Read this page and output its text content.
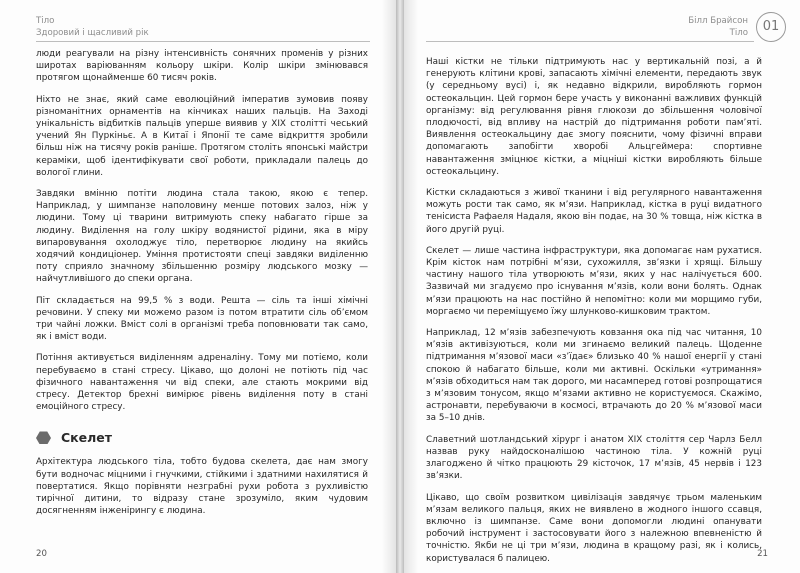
Тіло
Здоровий і щасливий рік

люди реагували на різну інтенсивність сонячних променів у різних широтах варіюванням кольору шкіри. Колір шкіри змінювався протягом щонайменше 60 тисяч років.

Ніхто не знає, який саме еволюційний імператив зумовив появу різноманітних орнаментів на кінчиках наших пальців. На Заході унікальність відбитків пальців уперше виявив у XIX столітті чеський учений Ян Пуркіньє. А в Китаї і Японії те саме відкриття зробили більш ніж на тисячу років раніше. Протягом століть японські майстри кераміки, щоб ідентифікувати свої роботи, прикладали палець до вологої глини.

Завдяки вмінню потіти людина стала такою, якою є тепер. Наприклад, у шимпанзе наполовину менше потових залоз, ніж у людини. Тому ці тварини витримують спеку набагато гірше за людину. Виділення на голу шкіру водянистої рідини, яка в міру випаровування охолоджує тіло, перетворює людину на якийсь ходячий кондиціонер. Уміння протистояти спеці завдяки виділенню поту сприяло значному збільшенню розміру людського мозку — найчутливішого до спеки органа.

Піт складається на 99,5 % з води. Решта — сіль та інші хімічні речовини. У спеку ми можемо разом із потом втратити сіль об’ємом три чайні ложки. Вміст солі в організмі треба поповнювати так само, як і вміст води.

Потіння активується виділенням адреналіну. Тому ми потіємо, коли перебуваємо в стані стресу. Цікаво, що долоні не потіють під час фізичного навантаження чи від спеки, але стають мокрими від стресу. Детектор брехні вимірює рівень виділення поту в стані емоційного стресу.

Скелет

Архітектура людського тіла, тобто будова скелета, дає нам змогу бути водночас міцними і гнучкими, стійкими і здатними нахилятися й повертатися. Якщо порівняти незграбні рухи робота з рухливістю тирічної дитини, то відразу стане зрозуміло, яким чудовим досягненням інженірингу є людина.

20
Білл Брайсон
Тіло	01

Наші кістки не тільки підтримують нас у вертикальній позі, а й генерують клітини крові, запасають хімічні елементи, передають звук (у середньому вусі) і, як недавно відкрили, виробляють гормон остеокальцин. Цей гормон бере участь у виконанні важливих функцій організму: від регулювання рівня глюкози до збільшення чоловічої плодючості, від впливу на настрій до підтримання роботи пам’яті. Виявлення остеокальцину дає змогу пояснити, чому фізичні вправи допомагають запобігти хворобі Альцгеймера: спортивне навантаження зміцнює кістки, а міцніші кістки виробляють більше остеокальцину.

Кістки складаються з живої тканини і від регулярного навантаження можуть рости так само, як м’язи. Наприклад, кістка в руці видатного тенісиста Рафаеля Надаля, якою він подає, на 30 % товща, ніж кістка в його другій руці.

Скелет — лише частина інфраструктури, яка допомагає нам рухатися. Крім кісток нам потрібні м’язи, сухожилля, зв’язки і хрящі. Більшу частину нашого тіла утворюють м’язи, яких у нас налічується 600. Зазвичай ми згадуємо про існування м’язів, коли вони болять. Однак м’язи працюють на нас постійно й непомітно: коли ми морщимо губи, моргаємо чи переміщуємо їжу шлунково-кишковим трактом.

Наприклад, 12 м’язів забезпечують ковзання ока під час читання, 10 м’язів активізуються, коли ми згинаємо великий палець. Щоденне підтримання м’язової маси «з’їдає» близько 40 % нашої енергії у стані спокою й набагато більше, коли ми активні. Оскільки «утримання» м’язів обходиться нам так дорого, ми насамперед готові розпрощатися з м’язовим тонусом, якщо м’язами активно не користуємося. Скажімо, астронавти, перебуваючи в космосі, втрачають до 20 % м’язової маси за 5–10 днів.

Славетний шотландський хірург і анатом XIX століття сер Чарлз Белл назвав руку найдосконалішою частиною тіла. У кожній руці злагоджено й чітко працюють 29 кісточок, 17 м’язів, 45 нервів і 123 зв’язки.

Цікаво, що своїм розвитком цивілізація завдячує трьом маленьким м’язам великого пальця, яких не виявлено в жодного іншого ссавця, включно із шимпанзе. Саме вони допомогли людині опанувати робочий інструмент і застосовувати його з належною впевненістю й точністю. Якби не ці три м’язи, людина в кращому разі, як і колись, користувалася б палицею.	21
